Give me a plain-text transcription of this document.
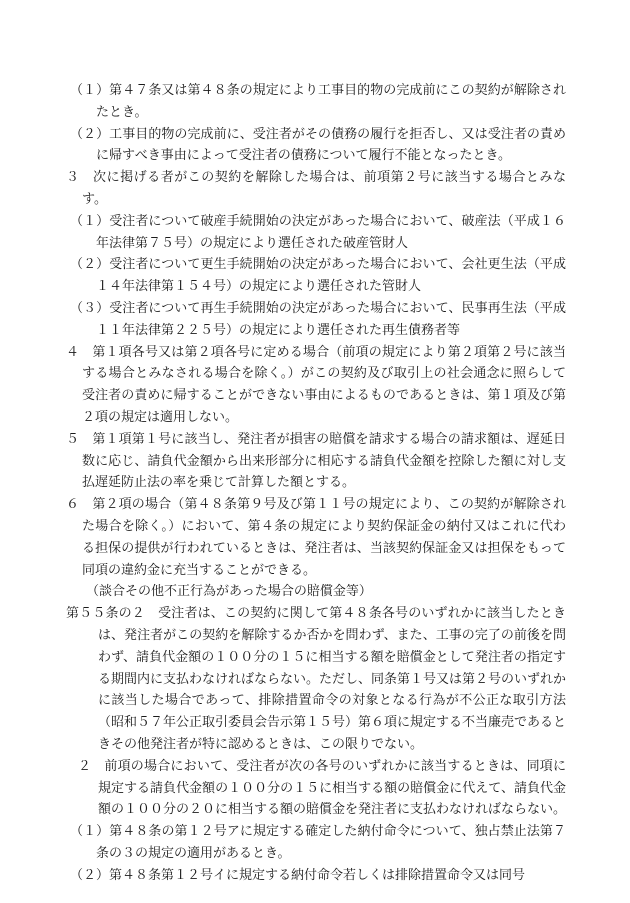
（１）第４７条又は第４８条の規定により工事目的物の完成前にこの契約が解除されたとき。

（２）工事目的物の完成前に、受注者がその債務の履行を拒否し、又は受注者の責めに帰すべき事由によって受注者の債務について履行不能となったとき。

３　次に掲げる者がこの契約を解除した場合は、前項第２号に該当する場合とみなす。

（１）受注者について破産手続開始の決定があった場合において、破産法（平成１６年法律第７５号）の規定により選任された破産管財人

（２）受注者について更生手続開始の決定があった場合において、会社更生法（平成１４年法律第１５４号）の規定により選任された管財人

（３）受注者について再生手続開始の決定があった場合において、民事再生法（平成１１年法律第２２５号）の規定により選任された再生債務者等

４　第１項各号又は第２項各号に定める場合（前項の規定により第２項第２号に該当する場合とみなされる場合を除く。）がこの契約及び取引上の社会通念に照らして受注者の責めに帰することができない事由によるものであるときは、第１項及び第２項の規定は適用しない。

５　第１項第１号に該当し、発注者が損害の賠償を請求する場合の請求額は、遅延日数に応じ、請負代金額から出来形部分に相応する請負代金額を控除した額に対し支払遅延防止法の率を乗じて計算した額とする。

６　第２項の場合（第４８条第９号及び第１１号の規定により、この契約が解除された場合を除く。）において、第４条の規定により契約保証金の納付又はこれに代わる担保の提供が行われているときは、発注者は、当該契約保証金又は担保をもって同項の違約金に充当することができる。

（談合その他不正行為があった場合の賠償金等）

第５５条の２　受注者は、この契約に関して第４８条各号のいずれかに該当したときは、発注者がこの契約を解除するか否かを問わず、また、工事の完了の前後を問わず、請負代金額の１００分の１５に相当する額を賠償金として発注者の指定する期間内に支払わなければならない。ただし、同条第１号又は第２号のいずれかに該当した場合であって、排除措置命令の対象となる行為が不公正な取引方法（昭和５７年公正取引委員会告示第１５号）第６項に規定する不当廉売であるときその他発注者が特に認めるときは、この限りでない。

２　前項の場合において、受注者が次の各号のいずれかに該当するときは、同項に規定する請負代金額の１００分の１５に相当する額の賠償金に代えて、請負代金額の１００分の２０に相当する額の賠償金を発注者に支払わなければならない。

（１）第４８条の第１２号アに規定する確定した納付命令について、独占禁止法第７条の３の規定の適用があるとき。

（２）第４８条第１２号イに規定する納付命令若しくは排除措置命令又は同号
